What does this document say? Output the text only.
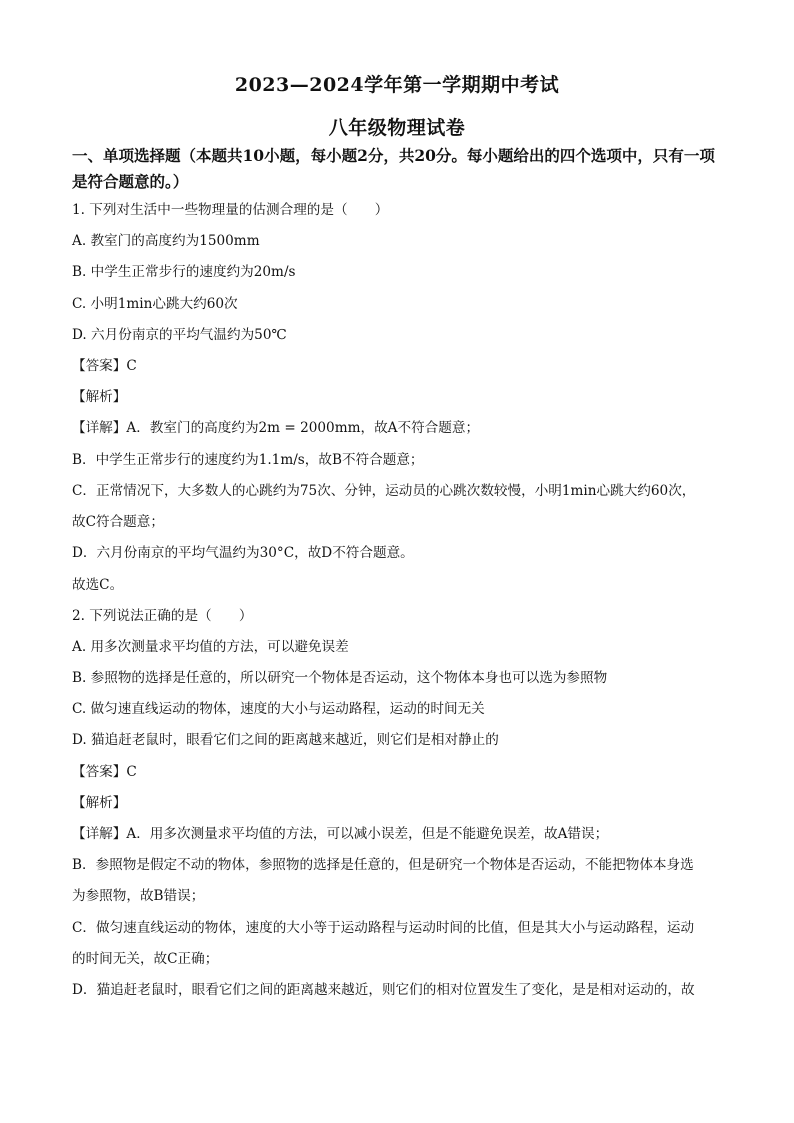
2023—2024学年第一学期期中考试
八年级物理试卷
一、单项选择题（本题共10小题，每小题2分，共20分。每小题给出的四个选项中，只有一项是符合题意的。）
1. 下列对生活中一些物理量的估测合理的是（　　）
A. 教室门的高度约为1500mm
B. 中学生正常步行的速度约为20m/s
C. 小明1min心跳大约60次
D. 六月份南京的平均气温约为50℃
【答案】C
【解析】
【详解】A．教室门的高度约为2m = 2000mm，故A不符合题意；
B．中学生正常步行的速度约为1.1m/s，故B不符合题意；
C．正常情况下，大多数人的心跳约为75次、分钟，运动员的心跳次数较慢，小明1min心跳大约60次，
故C符合题意；
D．六月份南京的平均气温约为30°C，故D不符合题意。
故选C。
2. 下列说法正确的是（　　）
A. 用多次测量求平均值的方法，可以避免误差
B. 参照物的选择是任意的，所以研究一个物体是否运动，这个物体本身也可以选为参照物
C. 做匀速直线运动的物体，速度的大小与运动路程，运动的时间无关
D. 猫追赶老鼠时，眼看它们之间的距离越来越近，则它们是相对静止的
【答案】C
【解析】
【详解】A．用多次测量求平均值的方法，可以减小误差，但是不能避免误差，故A错误；
B．参照物是假定不动的物体，参照物的选择是任意的，但是研究一个物体是否运动，不能把物体本身选
为参照物，故B错误；
C．做匀速直线运动的物体，速度的大小等于运动路程与运动时间的比值，但是其大小与运动路程，运动
的时间无关，故C正确；
D．猫追赶老鼠时，眼看它们之间的距离越来越近，则它们的相对位置发生了变化，是是相对运动的，故
